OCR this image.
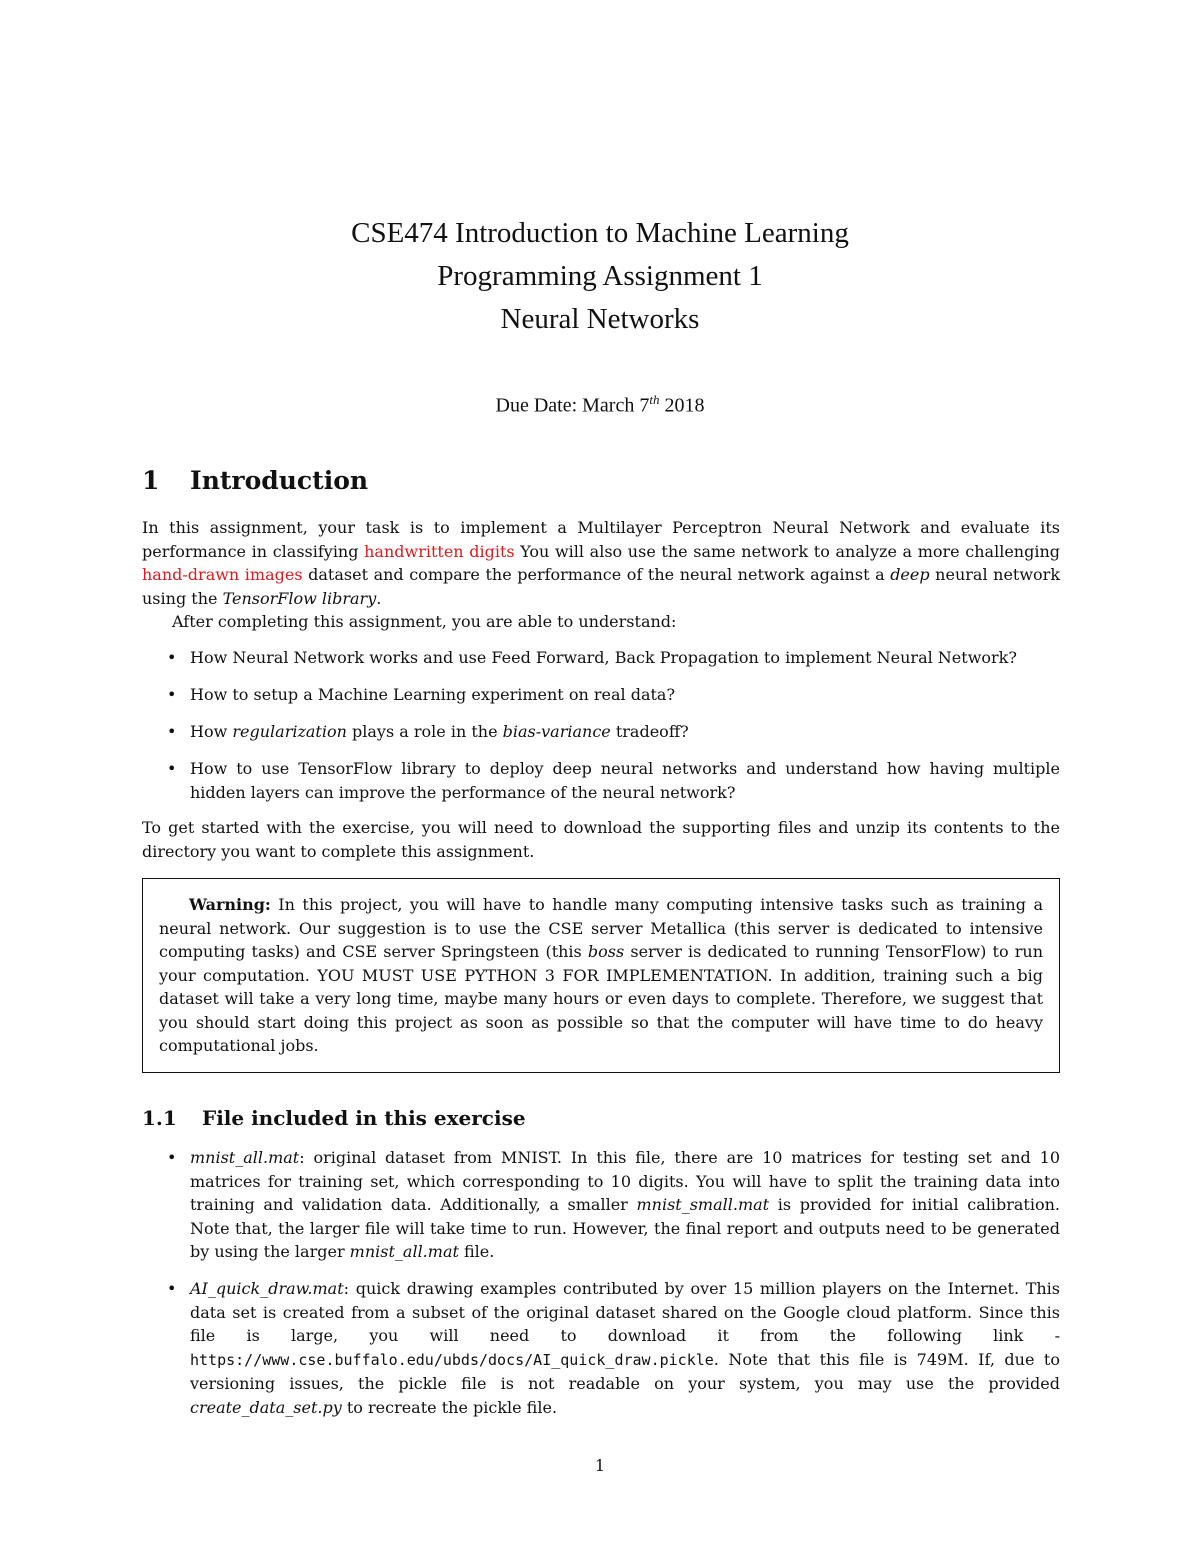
CSE474 Introduction to Machine Learning
Programming Assignment 1
Neural Networks
Due Date: March 7th 2018
1 Introduction

In this assignment, your task is to implement a Multilayer Perceptron Neural Network and evaluate its performance in classifying handwritten digits You will also use the same network to analyze a more challenging hand-drawn images dataset and compare the performance of the neural network against a deep neural network using the TensorFlow library.

After completing this assignment, you are able to understand:

• How Neural Network works and use Feed Forward, Back Propagation to implement Neural Network?
• How to setup a Machine Learning experiment on real data?
• How regularization plays a role in the bias-variance tradeoff?
• How to use TensorFlow library to deploy deep neural networks and understand how having multiple hidden layers can improve the performance of the neural network?

To get started with the exercise, you will need to download the supporting files and unzip its contents to the directory you want to complete this assignment.

Warning: In this project, you will have to handle many computing intensive tasks such as training a neural network. Our suggestion is to use the CSE server Metallica (this server is dedicated to intensive computing tasks) and CSE server Springsteen (this boss server is dedicated to running TensorFlow) to run your computation. YOU MUST USE PYTHON 3 FOR IMPLEMENTATION. In addition, training such a big dataset will take a very long time, maybe many hours or even days to complete. Therefore, we suggest that you should start doing this project as soon as possible so that the computer will have time to do heavy computational jobs.

1.1 File included in this exercise
• mnist_all.mat: original dataset from MNIST. In this file, there are 10 matrices for testing set and 10 matrices for training set, which corresponding to 10 digits. You will have to split the training data into training and validation data. Additionally, a smaller mnist_small.mat is provided for initial calibration. Note that, the larger file will take time to run. However, the final report and outputs need to be generated by using the larger mnist_all.mat file.
• AI_quick_draw.mat: quick drawing examples contributed by over 15 million players on the Internet. This data set is created from a subset of the original dataset shared on the Google cloud platform. Since this file is large, you will need to download it from the following link - https://www.cse.buffalo.edu/ubds/docs/AI_quick_draw.pickle. Note that this file is 749M. If, due to versioning issues, the pickle file is not readable on your system, you may use the provided create_data_set.py to recreate the pickle file.
1
